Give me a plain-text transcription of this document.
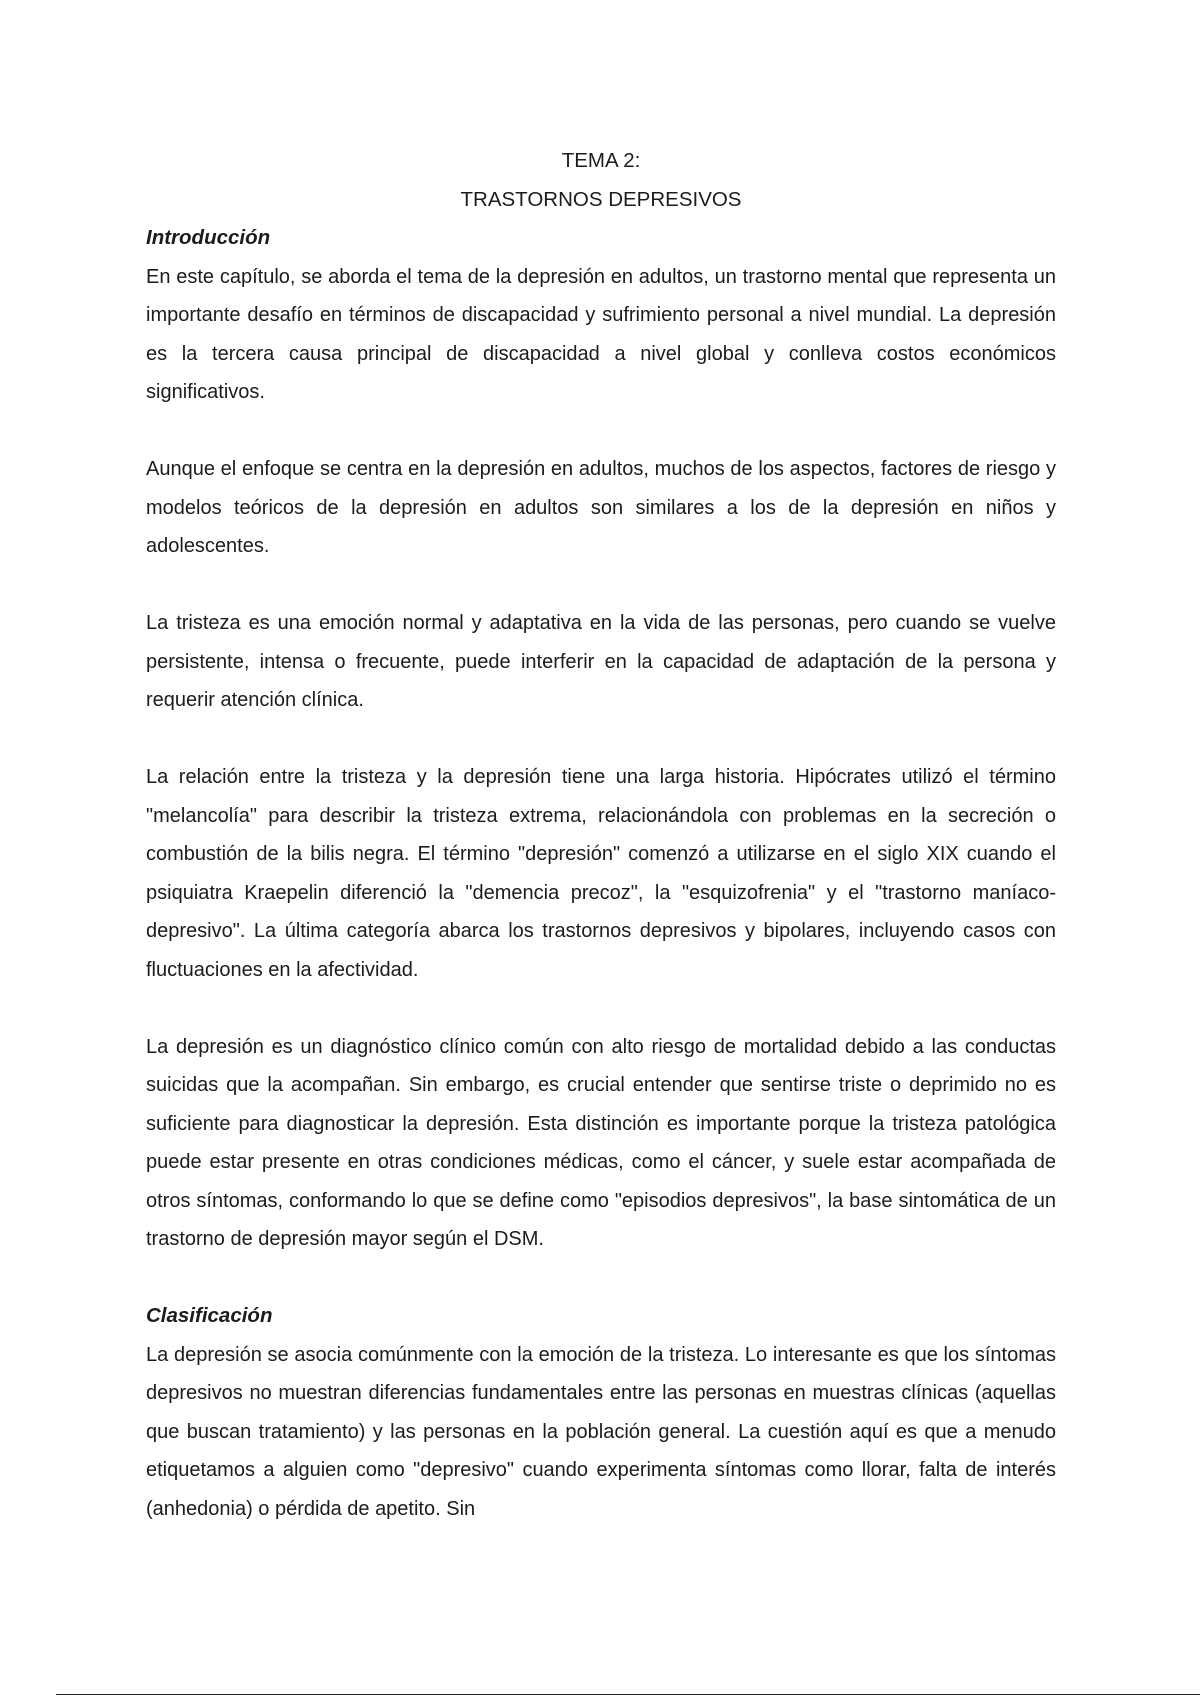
TEMA 2:

TRASTORNOS DEPRESIVOS

Introducción

En este capítulo, se aborda el tema de la depresión en adultos, un trastorno mental que representa un importante desafío en términos de discapacidad y sufrimiento personal a nivel mundial. La depresión es la tercera causa principal de discapacidad a nivel global y conlleva costos económicos significativos.

Aunque el enfoque se centra en la depresión en adultos, muchos de los aspectos, factores de riesgo y modelos teóricos de la depresión en adultos son similares a los de la depresión en niños y adolescentes.

La tristeza es una emoción normal y adaptativa en la vida de las personas, pero cuando se vuelve persistente, intensa o frecuente, puede interferir en la capacidad de adaptación de la persona y requerir atención clínica.

La relación entre la tristeza y la depresión tiene una larga historia. Hipócrates utilizó el término "melancolía" para describir la tristeza extrema, relacionándola con problemas en la secreción o combustión de la bilis negra. El término "depresión" comenzó a utilizarse en el siglo XIX cuando el psiquiatra Kraepelin diferenció la "demencia precoz", la "esquizofrenia" y el "trastorno maníaco-depresivo". La última categoría abarca los trastornos depresivos y bipolares, incluyendo casos con fluctuaciones en la afectividad.

La depresión es un diagnóstico clínico común con alto riesgo de mortalidad debido a las conductas suicidas que la acompañan. Sin embargo, es crucial entender que sentirse triste o deprimido no es suficiente para diagnosticar la depresión. Esta distinción es importante porque la tristeza patológica puede estar presente en otras condiciones médicas, como el cáncer, y suele estar acompañada de otros síntomas, conformando lo que se define como "episodios depresivos", la base sintomática de un trastorno de depresión mayor según el DSM.

Clasificación

La depresión se asocia comúnmente con la emoción de la tristeza. Lo interesante es que los síntomas depresivos no muestran diferencias fundamentales entre las personas en muestras clínicas (aquellas que buscan tratamiento) y las personas en la población general. La cuestión aquí es que a menudo etiquetamos a alguien como "depresivo" cuando experimenta síntomas como llorar, falta de interés (anhedonia) o pérdida de apetito. Sin
